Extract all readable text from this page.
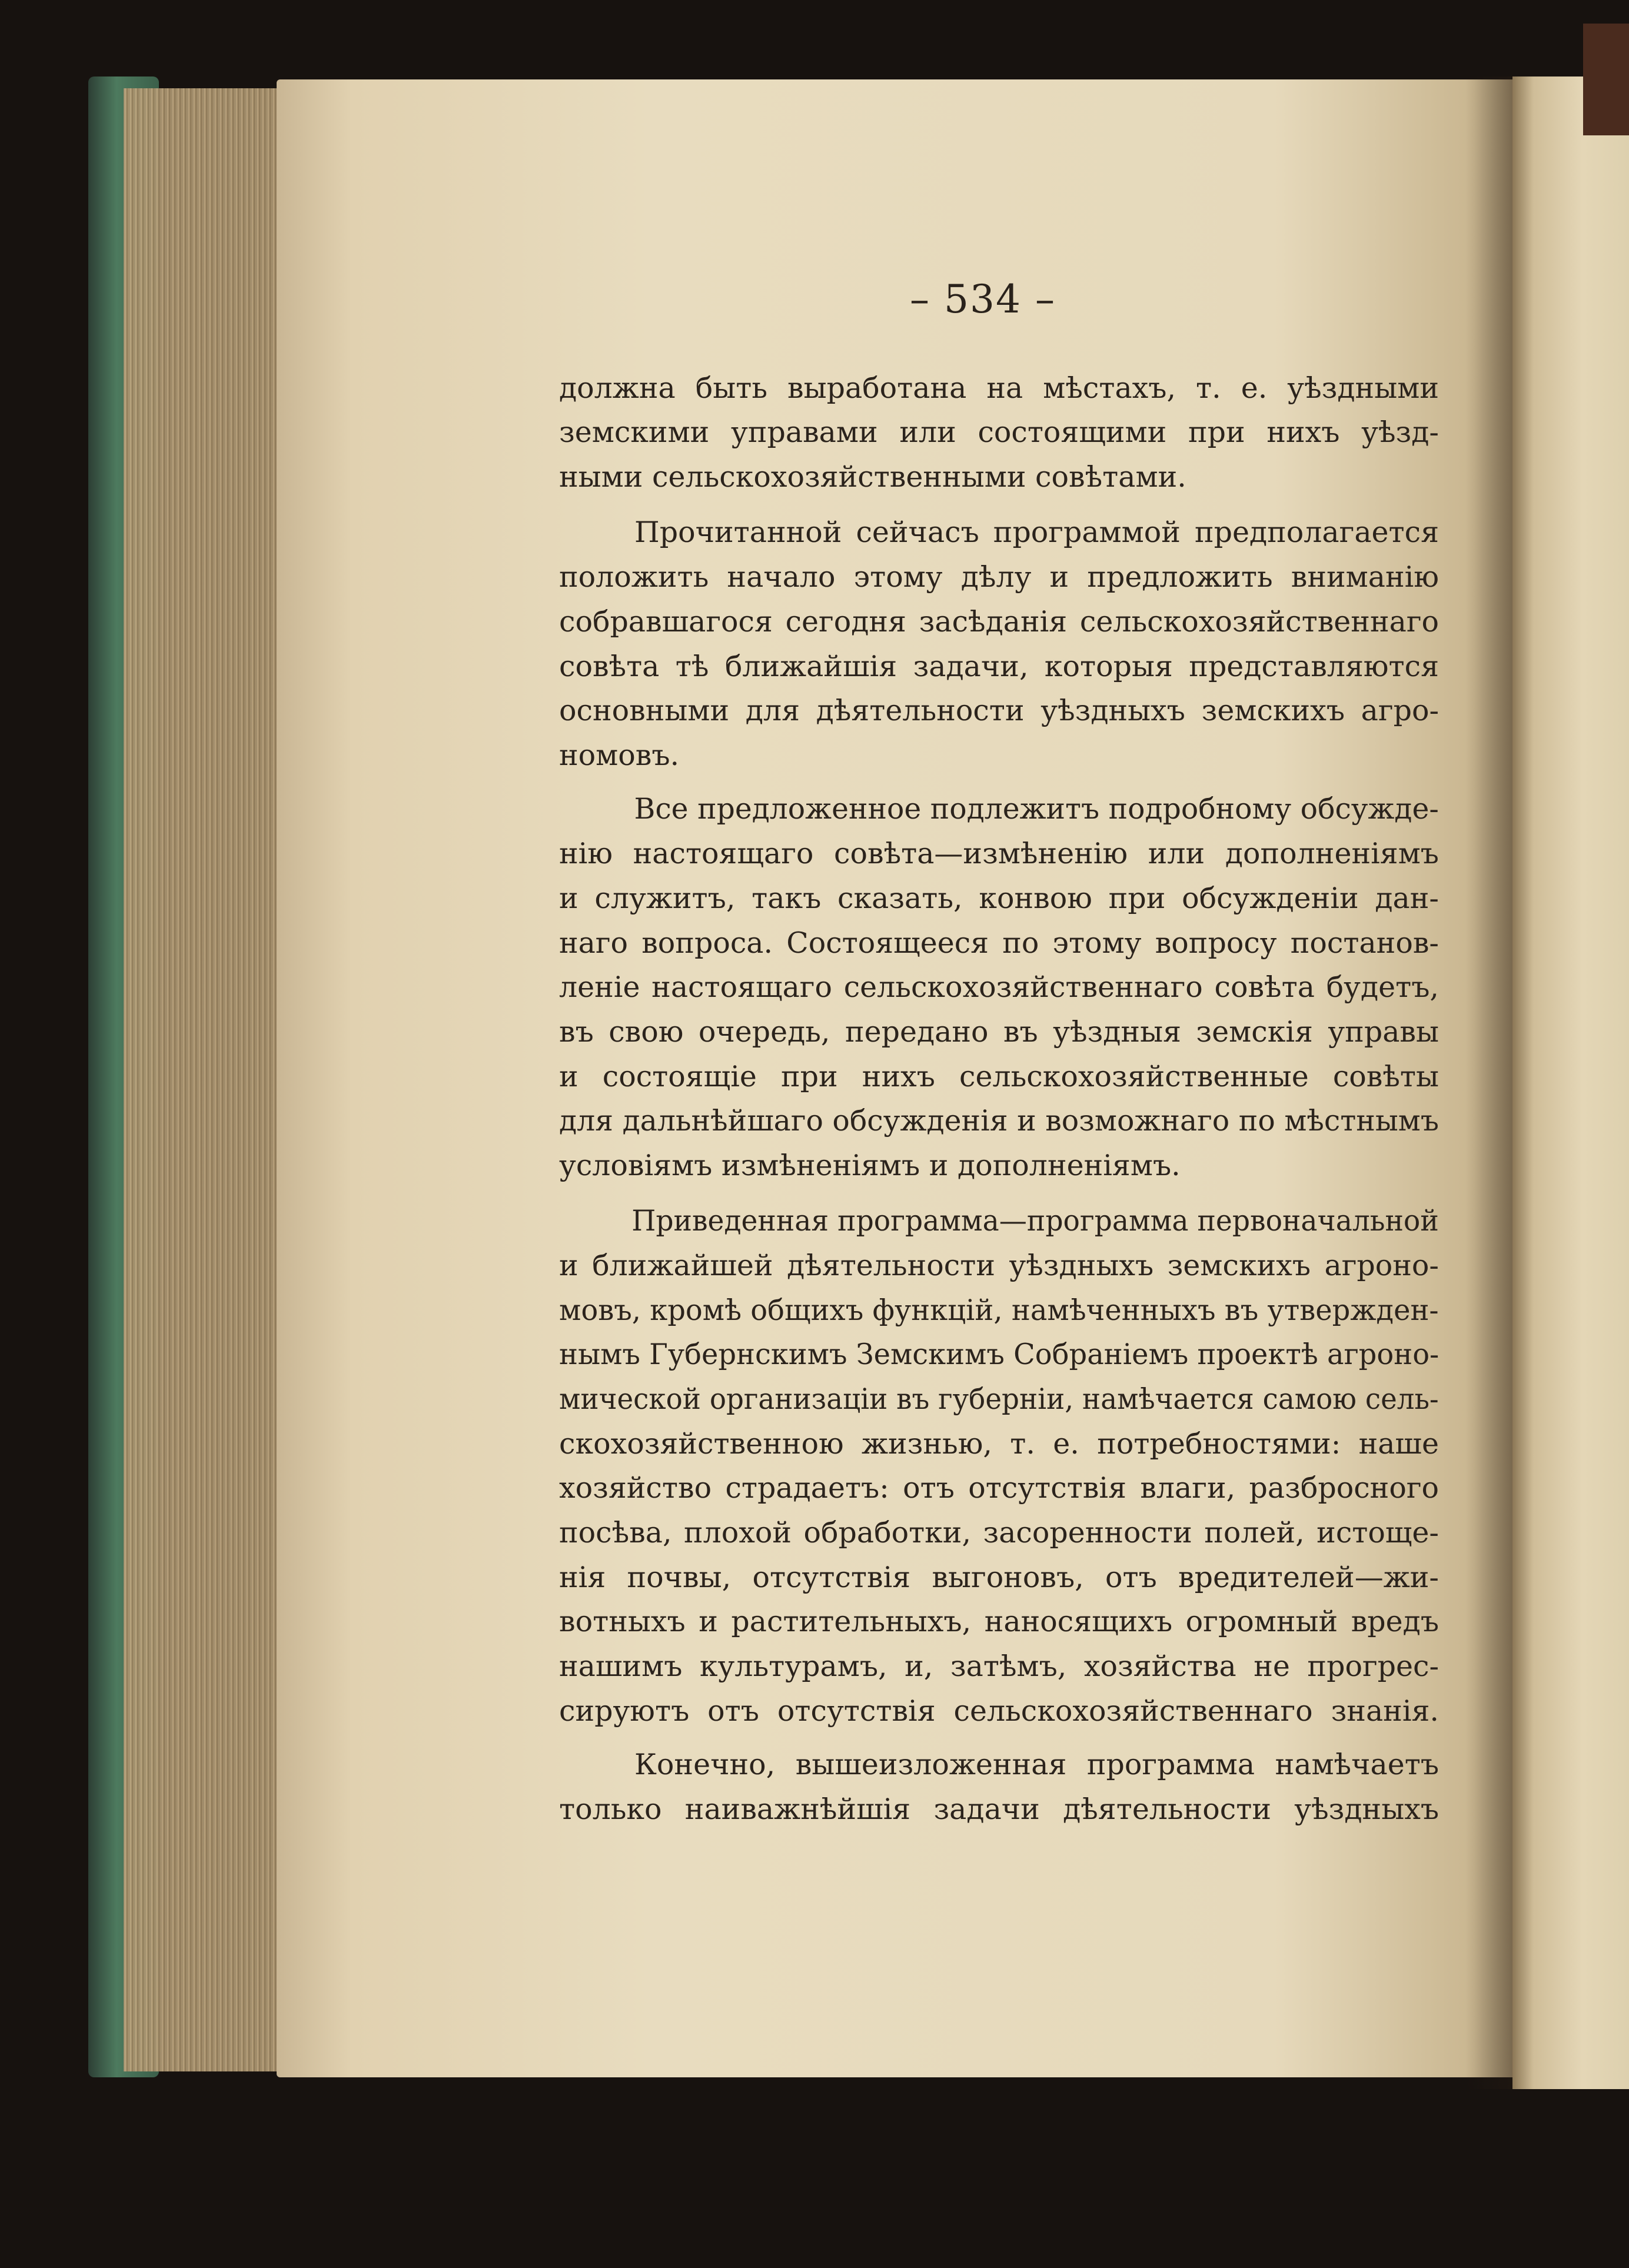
– 534 –
должна быть выработана на мѣстахъ, т. е. уѣздными
земскими управами или состоящими при нихъ уѣзд-
ными сельскохозяйственными совѣтами.
Прочитанной сейчасъ программой предполагается
положить начало этому дѣлу и предложить вниманiю
собравшагося сегодня засѣданiя сельскохозяйственнаго
совѣта тѣ ближайшiя задачи, которыя представляются
основными для дѣятельности уѣздныхъ земскихъ агро-
номовъ.
Все предложенное подлежитъ подробному обсужде-
нiю настоящаго совѣта—измѣненiю или дополненiямъ
и служитъ, такъ сказать, конвою при обсужденiи дан-
наго вопроса. Состоящееся по этому вопросу постанов-
ленiе настоящаго сельскохозяйственнаго совѣта будетъ,
въ свою очередь, передано въ уѣздныя земскiя управы
и состоящiе при нихъ сельскохозяйственные совѣты
для дальнѣйшаго обсужденiя и возможнаго по мѣстнымъ
условiямъ измѣненiямъ и дополненiямъ.
Приведенная программа—программа первоначальной
и ближайшей дѣятельности уѣздныхъ земскихъ агроно-
мовъ, кромѣ общихъ функцiй, намѣченныхъ въ утвержден-
нымъ Губернскимъ Земскимъ Собранiемъ проектѣ агроно-
мической организацiи въ губернiи, намѣчается самою сель-
скохозяйственною жизнью, т. е. потребностями: наше
хозяйство страдаетъ: отъ отсутствiя влаги, разбросного
посѣва, плохой обработки, засоренности полей, истоще-
нiя почвы, отсутствiя выгоновъ, отъ вредителей—жи-
вотныхъ и растительныхъ, наносящихъ огромный вредъ
нашимъ культурамъ, и, затѣмъ, хозяйства не прогрес-
сируютъ отъ отсутствiя сельскохозяйственнаго знанiя.
Конечно, вышеизложенная программа намѣчаетъ
только наиважнѣйшiя задачи дѣятельности уѣздныхъ
